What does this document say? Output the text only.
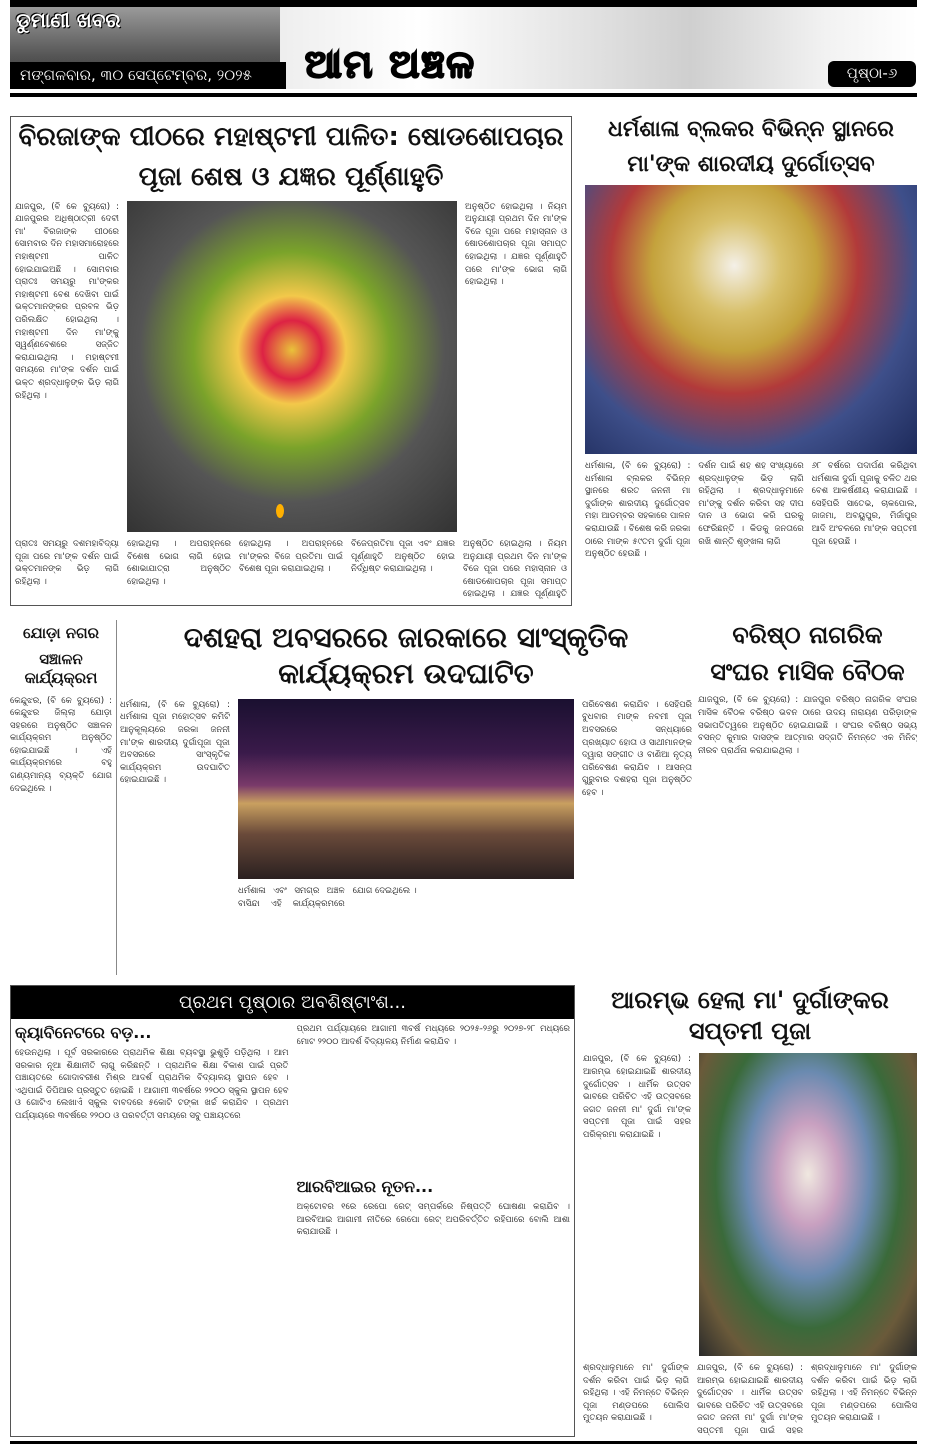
ଡୁମାଣୀ ଖବର
ମଙ୍ଗଳବାର, ୩୦ ସେପ୍ଟେମ୍ବର, ୨୦୨୫	ଆମ ଅଞ୍ଚଳ	ପୃଷ୍ଠା-୬
ବିରଜାଙ୍କ ପୀଠରେ ମହାଷ୍ଟମୀ ପାଳିତ: ଷୋଡଶୋପଚାର
ପୂଜା ଶେଷ ଓ ଯଜ୍ଞର ପୂର୍ଣ୍ଣାହୁତି
ଯାଜପୁର, (ବି କେ ବ୍ୟୁରୋ) : ଯାଜପୁରର ଅଧିଷ୍ଠାତ୍ରୀ ଦେବୀ ମା' ବିରଜାଙ୍କ ପୀଠରେ ସୋମବାର ଦିନ ମହାସମାରୋହରେ ମହାଷ୍ଟମୀ ପାଳିତ ହୋଇଯାଇଅଛି । ସୋମବାର ପ୍ରାତଃ ସମୟରୁ ମା'ଙ୍କର ମହାଷ୍ଟମୀ ବେଶ ଦେଖିବା ପାଇଁ ଭକ୍ତମାନଙ୍କର ପ୍ରବଳ ଭିଡ଼ ପରିଲକ୍ଷିତ ହୋଇଥିଲା । ମହାଷ୍ଟମୀ ଦିନ ମା'ଙ୍କୁ ସ୍ୱର୍ଣ୍ଣବେଶରେ ସଜ୍ଜିତ କରାଯାଇଥିଲା । ମହାଷ୍ଟମୀ ସମୟରେ ମା'ଙ୍କ ଦର୍ଶନ ପାଇଁ ଭକ୍ତ ଶ୍ରଦ୍ଧାଳୁଙ୍କ ଭିଡ଼ ଲାଗି ରହିଥିଲା ।
ଅନୁଷ୍ଠିତ ହୋଇଥିଲା । ନିୟମ ଅନୁଯାୟୀ ପ୍ରଥମ ଦିନ ମା'ଙ୍କ ବିଜେ ପୂଜା ପରେ ମହାସ୍ନାନ ଓ ଷୋଡଶୋପଚାର ପୂଜା ସମାପ୍ତ ହୋଇଥିଲା । ଯଜ୍ଞର ପୂର୍ଣ୍ଣାହୁତି ପରେ ମା'ଙ୍କ ଭୋଗ ଲାଗି ହୋଇଥିଲା ।
ପ୍ରାତଃ ସମୟରୁ ଦଶମହାବିଦ୍ୟା ପୂଜା ପରେ ମା'ଙ୍କ ଦର୍ଶନ ପାଇଁ ଭକ୍ତମାନଙ୍କ ଭିଡ଼ ଲାଗି ରହିଥିଲା ।
ହୋଇଥିଲା । ଅପରାହ୍ନରେ ବିଶେଷ ଭୋଗ ଲାଗି ହୋଇ ଶୋଭାଯାତ୍ରା ଅନୁଷ୍ଠିତ ହୋଇଥିଲା ।
ହୋଇଥିଲା । ଅପରାହ୍ନରେ ମା'ଙ୍କର ବିଜେ ପ୍ରତିମା ପାଇଁ ବିଶେଷ ପୂଜା କରାଯାଇଥିଲା ।
ବିଜେପ୍ରତିମା ପୂଜା ଏବଂ ଯଜ୍ଞର ପୂର୍ଣ୍ଣାହୁତି ଅନୁଷ୍ଠିତ ହୋଇ ନିର୍ଦ୍ଧିଷ୍ଟ କରାଯାଇଥିଲା ।
ଅନୁଷ୍ଠିତ ହୋଇଥିଲା । ନିୟମ ଅନୁଯାୟୀ ପ୍ରଥମ ଦିନ ମା'ଙ୍କ ବିଜେ ପୂଜା ପରେ ମହାସ୍ନାନ ଓ ଷୋଡଶୋପଚାର ପୂଜା ସମାପ୍ତ ହୋଇଥିଲା । ଯଜ୍ଞର ପୂର୍ଣ୍ଣାହୁତି
ଧର୍ମଶାଳା ବ୍ଲକର ବିଭିନ୍ନ ସ୍ଥାନରେ
ମା'ଙ୍କ ଶାରଦୀୟ ଦୁର୍ଗୋତ୍ସବ
ଧର୍ମଶାଳା, (ବି କେ ବ୍ୟୁରୋ) : ଧର୍ମଶାଳା ବ୍ଲକର ବିଭିନ୍ନ ସ୍ଥାନରେ ଶରତ ଜନନୀ ମା ଦୁର୍ଗାଙ୍କ ଶାରଦୀୟ ଦୁର୍ଗୋତ୍ସବ ମହା ଆଡମ୍ବର ସହକାରେ ପାଳନ କରାଯାଉଛି । ବିଶେଷ କରି ଜରକା ଠାରେ ମାଙ୍କ ୫୯ତମ ଦୁର୍ଗା ପୂଜା ଅନୁଷ୍ଠିତ ହେଉଛି ।
ଦର୍ଶନ ପାଇଁ ଶହ ଶହ ସଂଖ୍ୟାରେ ଶ୍ରଦ୍ଧାଳୁଙ୍କ ଭିଡ଼ ଲାଗି ରହିଥିଲା । ଶ୍ରଦ୍ଧାଳୁମାନେ ମା'ଙ୍କୁ ଦର୍ଶନ କରିବା ସହ ଦୀପ ଦାନ ଓ ଭୋଗ କରି ଘରକୁ ଫେରିଛନ୍ତି । କିଡକୁ ଜନତାରେ ରଖି ଶାନ୍ତି ଶୃଙ୍ଖଳା ଲାଗି
୬୮ ବର୍ଷରେ ପଦାର୍ପଣ କରିଥିବା ଧର୍ମଶାଳା ଦୁର୍ଗା ପୂଜାକୁ ଚଳିତ ଥର ବେଶ ଆକର୍ଷଣୀୟ କରାଯାଇଛି । ସେହିପରି ସାତେଭ, ଚାକପୋଲ, ଜାଜମା, ଅବୟୁପୁର, ମିର୍ଜାପୁର ଆଦି ଅଂଚଳରେ ମା'ଙ୍କ ସପ୍ତମୀ ପୂଜା ହେଉଛି ।
ଯୋଡ଼ା ନଗର
ସଞ୍ଚାଳନ କାର୍ଯ୍ୟକ୍ରମ
କେନ୍ଦୁଝର, (ବି କେ ବ୍ୟୁରୋ) : କେନ୍ଦୁଝର ଜିଲ୍ଲା ଯୋଡ଼ା ସହରରେ ଅନୁଷ୍ଠିତ ସଞ୍ଚାଳନ କାର୍ଯ୍ୟକ୍ରମ ଅନୁଷ୍ଠିତ ହୋଇଯାଇଛି । ଏହି କାର୍ଯ୍ୟକ୍ରମରେ ବହୁ ଗଣ୍ୟମାନ୍ୟ ବ୍ୟକ୍ତି ଯୋଗ ଦେଇଥିଲେ ।
ଦଶହରା ଅବସରରେ ଜାରକାରେ ସାଂସ୍କୃତିକ କାର୍ଯ୍ୟକ୍ରମ ଉଦଘାଟିତ
ଧର୍ମଶାଳା, (ବି କେ ବ୍ୟୁରୋ) : ଧର୍ମଶାଳା ପୂଜା ମହୋତ୍ସବ କମିଟି ଆନୁକୂଲ୍ୟରେ ଜରକା ଜନନୀ ମା'ଙ୍କ ଶାରଦୀୟ ଦୁର୍ଗାପୂଜା ପୂଜା ଅବସରରେ ସାଂସ୍କୃତିକ କାର୍ଯ୍ୟକ୍ରମ ଉଦଘାଟିତ ହୋଇଯାଇଛି ।
ଧର୍ମଶାଳା ଏବଂ ସମଗ୍ର ଅଞ୍ଚଳ ବାସିନ୍ଦା ଏହି କାର୍ଯ୍ୟକ୍ରମରେ ଯୋଗ ଦେଇଥିଲେ ।
ପରିବେଷଣ କରାଯିବ । ସେହିପରି ବୁଧବାର ମାଙ୍କ ନବମୀ ପୂଜା ଅବସରରେ ସନ୍ଧ୍ୟାରେ ପ୍ରଖ୍ୟାତ ହୋତା ଓ ସାଥୀମାନଙ୍କ ଦ୍ୱାରା ସଙ୍ଗୀତ ଓ ବାଣିଆ ନୃତ୍ୟ ପରିବେଷଣ କରାଯିବ । ଆସନ୍ତା ଗୁରୁବାର ଦଶହରା ପୂଜା ଅନୁଷ୍ଠିତ ହେବ ।
ବରିଷ୍ଠ ନାଗରିକ
ସଂଘର ମାସିକ ବୈଠକ
ଯାଜପୁର, (ବି କେ ବ୍ୟୁରୋ) : ଯାଜପୁର ବରିଷ୍ଠ ନାଗରିକ ସଂଘର ମାସିକ ବୈଠକ ବରିଷ୍ଠ ଭବନ ଠାରେ ଉଦୟ ନାରାୟଣ ପରିଡ଼ାଙ୍କ ସଭାପତିତ୍ୱରେ ଅନୁଷ୍ଠିତ ହୋଇଯାଇଛି । ସଂଘର ବରିଷ୍ଠ ସଭ୍ୟ ବସନ୍ତ କୁମାର ଦାସଙ୍କ ଆତ୍ମାର ସଦ୍‌ଗତି ନିମନ୍ତେ ଏକ ମିନିଟ୍ ନୀରବ ପ୍ରାର୍ଥନା କରାଯାଇଥିଲା ।
ପ୍ରଥମ ପୃଷ୍ଠାର ଅବଶିଷ୍ଟାଂଶ...
କ୍ୟାବିନେଟରେ ବଡ଼...
ହେଉନଥିଲା । ପୂର୍ବ ସରକାରରେ ପ୍ରାଥମିକ ଶିକ୍ଷା ବ୍ୟବସ୍ଥା ଭୁଶୁଡ଼ି ପଡ଼ିଥିଲା । ଆମ ସରକାର ନୂଆ ଶିକ୍ଷାନୀତି ଲାଗୁ କରିଛନ୍ତି । ପ୍ରାଥମିକ ଶିକ୍ଷା ବିକାଶ ପାଇଁ ପ୍ରତି ପଞ୍ଚାୟତରେ ଗୋଦାବରୀଶ ମିଶ୍ର ଆଦର୍ଶ ପ୍ରାଥମିକ ବିଦ୍ୟାଳୟ ସ୍ଥାପନ ହେବ । ଏଥିପାଇଁ ଡିପିଆର ପ୍ରସ୍ତୁତ ହୋଇଛି । ଆଗାମୀ ୩ବର୍ଷରେ ୨୨୦୦ ସ୍କୁଲ ସ୍ଥାପନ ହେବ ଓ ଗୋଟିଏ ଲେଖାଏଁ ସ୍କୁଲ ବାବଦରେ ୫କୋଟି ଟଙ୍କା ଖର୍ଚ୍ଚ କରାଯିବ । ପ୍ରଥମ ପର୍ଯ୍ୟାୟରେ ୩ବର୍ଷରେ ୨୨୦୦ ଓ ପରବର୍ତ୍ତୀ ସମୟରେ ସବୁ ପଞ୍ଚାୟତରେ
ପ୍ରଥମ ପର୍ଯ୍ୟାୟରେ ଆଗାମୀ ୩ବର୍ଷ ମଧ୍ୟରେ ୨୦୨୫-୨୬ରୁ ୨୦୨୭-୨୮ ମଧ୍ୟରେ ମୋଟ ୨୨୦୦ ଆଦର୍ଶ ବିଦ୍ୟାଳୟ ନିର୍ମାଣ କରାଯିବ ।
ଆରବିଆଇର ନୂତନ...
ଅକ୍ଟୋବର ୧ରେ ରେପୋ ରେଟ୍ ସମ୍ପର୍କରେ ନିଷ୍ପତ୍ତି ଘୋଷଣା କରାଯିବ । ଆରବିଆଇ ଆଗାମୀ ନୀତିରେ ରେପୋ ରେଟ୍ ଅପରିବର୍ତ୍ତିତ ରହିପାରେ ବୋଲି ଆଶା କରାଯାଉଛି ।
ଆରମ୍ଭ ହେଲା ମା' ଦୁର୍ଗାଙ୍କର ସପ୍ତମୀ ପୂଜା
ଯାଜପୁର, (ବି କେ ବ୍ୟୁରୋ) : ଆରମ୍ଭ ହୋଇଯାଇଛି ଶାରଦୀୟ ଦୁର୍ଗୋତ୍ସବ । ଧାର୍ମିକ ଉତ୍ସବ ଭାବରେ ପରିଚିତ ଏହି ଉତ୍ସବରେ ଜଗତ ଜନନୀ ମା' ଦୁର୍ଗା ମା'ଙ୍କ ସପ୍ତମୀ ପୂଜା ପାଇଁ ସହର ପରିକ୍ରମା କରାଯାଇଛି ।
ଶ୍ରଦ୍ଧାଳୁମାନେ ମା' ଦୁର୍ଗାଙ୍କ ଦର୍ଶନ କରିବା ପାଇଁ ଭିଡ଼ ଲାଗି ରହିଥିଲା । ଏହି ନିମନ୍ତେ ବିଭିନ୍ନ ପୂଜା ମଣ୍ଡପରେ ପୋଲିସ ମୁତୟନ କରାଯାଇଛି ।
ଯାଜପୁର, (ବି କେ ବ୍ୟୁରୋ) : ଆରମ୍ଭ ହୋଇଯାଇଛି ଶାରଦୀୟ ଦୁର୍ଗୋତ୍ସବ । ଧାର୍ମିକ ଉତ୍ସବ ଭାବରେ ପରିଚିତ ଏହି ଉତ୍ସବରେ ଜଗତ ଜନନୀ ମା' ଦୁର୍ଗା ମା'ଙ୍କ ସପ୍ତମୀ ପୂଜା ପାଇଁ ସହର
ଶ୍ରଦ୍ଧାଳୁମାନେ ମା' ଦୁର୍ଗାଙ୍କ ଦର୍ଶନ କରିବା ପାଇଁ ଭିଡ଼ ଲାଗି ରହିଥିଲା । ଏହି ନିମନ୍ତେ ବିଭିନ୍ନ ପୂଜା ମଣ୍ଡପରେ ପୋଲିସ ମୁତୟନ କରାଯାଇଛି ।
